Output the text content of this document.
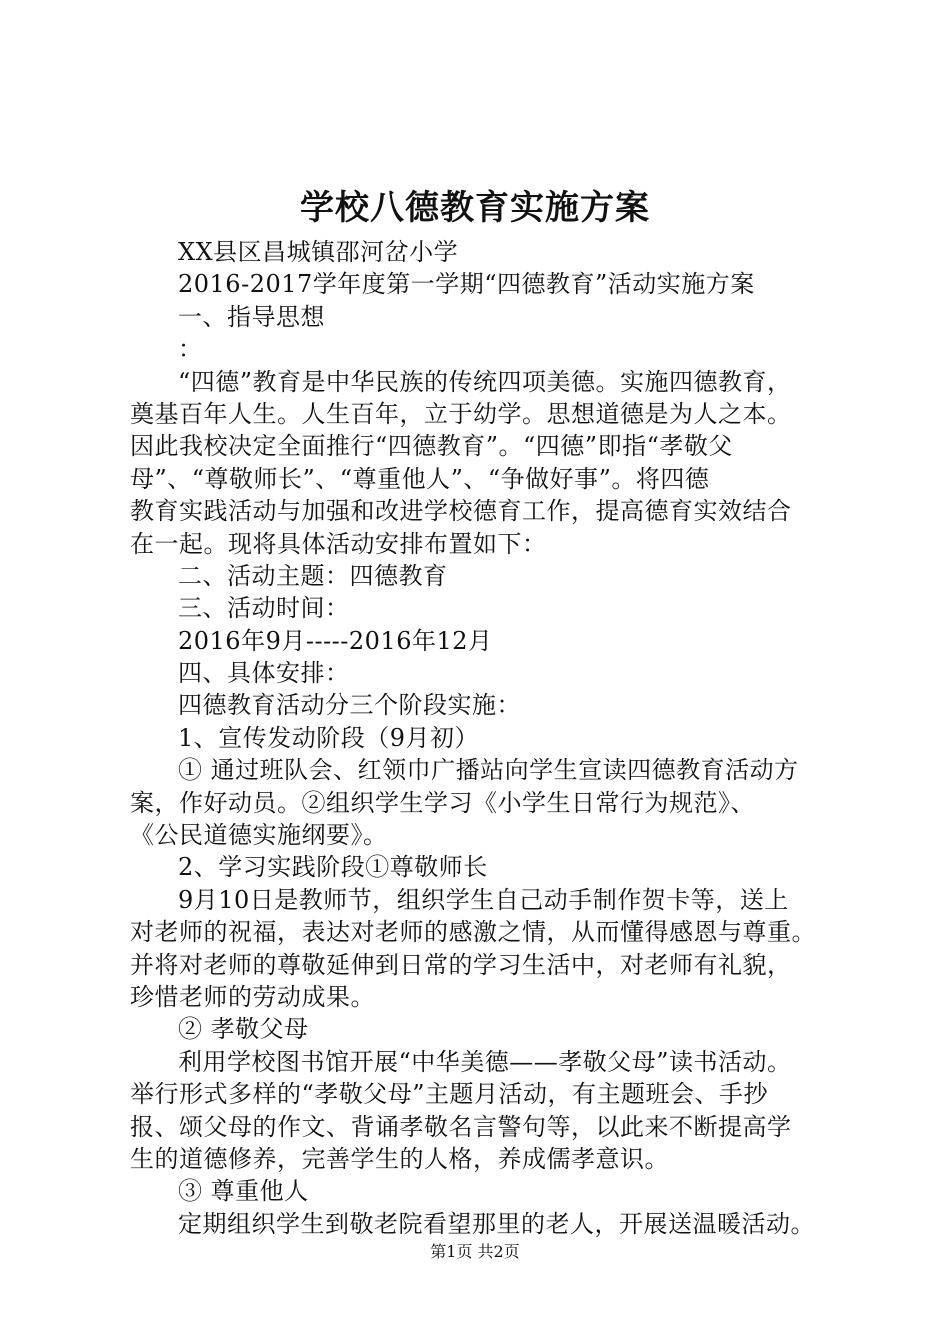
学校八德教育实施方案
XX县区昌城镇邵河岔小学
2016-2017学年度第一学期“四德教育”活动实施方案
一、指导思想
：
“四德”教育是中华民族的传统四项美德。实施四德教育，
奠基百年人生。人生百年，立于幼学。思想道德是为人之本。
因此我校决定全面推行“四德教育”。“四德”即指“孝敬父
母”、“尊敬师长”、“尊重他人”、“争做好事”。将四德
教育实践活动与加强和改进学校德育工作，提高德育实效结合
在一起。现将具体活动安排布置如下：
二、活动主题：四德教育
三、活动时间：
2016年9月-----2016年12月
四、具体安排：
四德教育活动分三个阶段实施：
1、宣传发动阶段（9月初）
① 通过班队会、红领巾广播站向学生宣读四德教育活动方
案，作好动员。②组织学生学习《小学生日常行为规范》、
《公民道德实施纲要》。
2、学习实践阶段①尊敬师长
9月10日是教师节，组织学生自己动手制作贺卡等，送上
对老师的祝福，表达对老师的感激之情，从而懂得感恩与尊重。
并将对老师的尊敬延伸到日常的学习生活中，对老师有礼貌，
珍惜老师的劳动成果。
② 孝敬父母
利用学校图书馆开展“中华美德——孝敬父母”读书活动。
举行形式多样的“孝敬父母”主题月活动，有主题班会、手抄
报、颂父母的作文、背诵孝敬名言警句等，以此来不断提高学
生的道德修养，完善学生的人格，养成儒孝意识。
③ 尊重他人
定期组织学生到敬老院看望那里的老人，开展送温暖活动。
第1页 共2页
